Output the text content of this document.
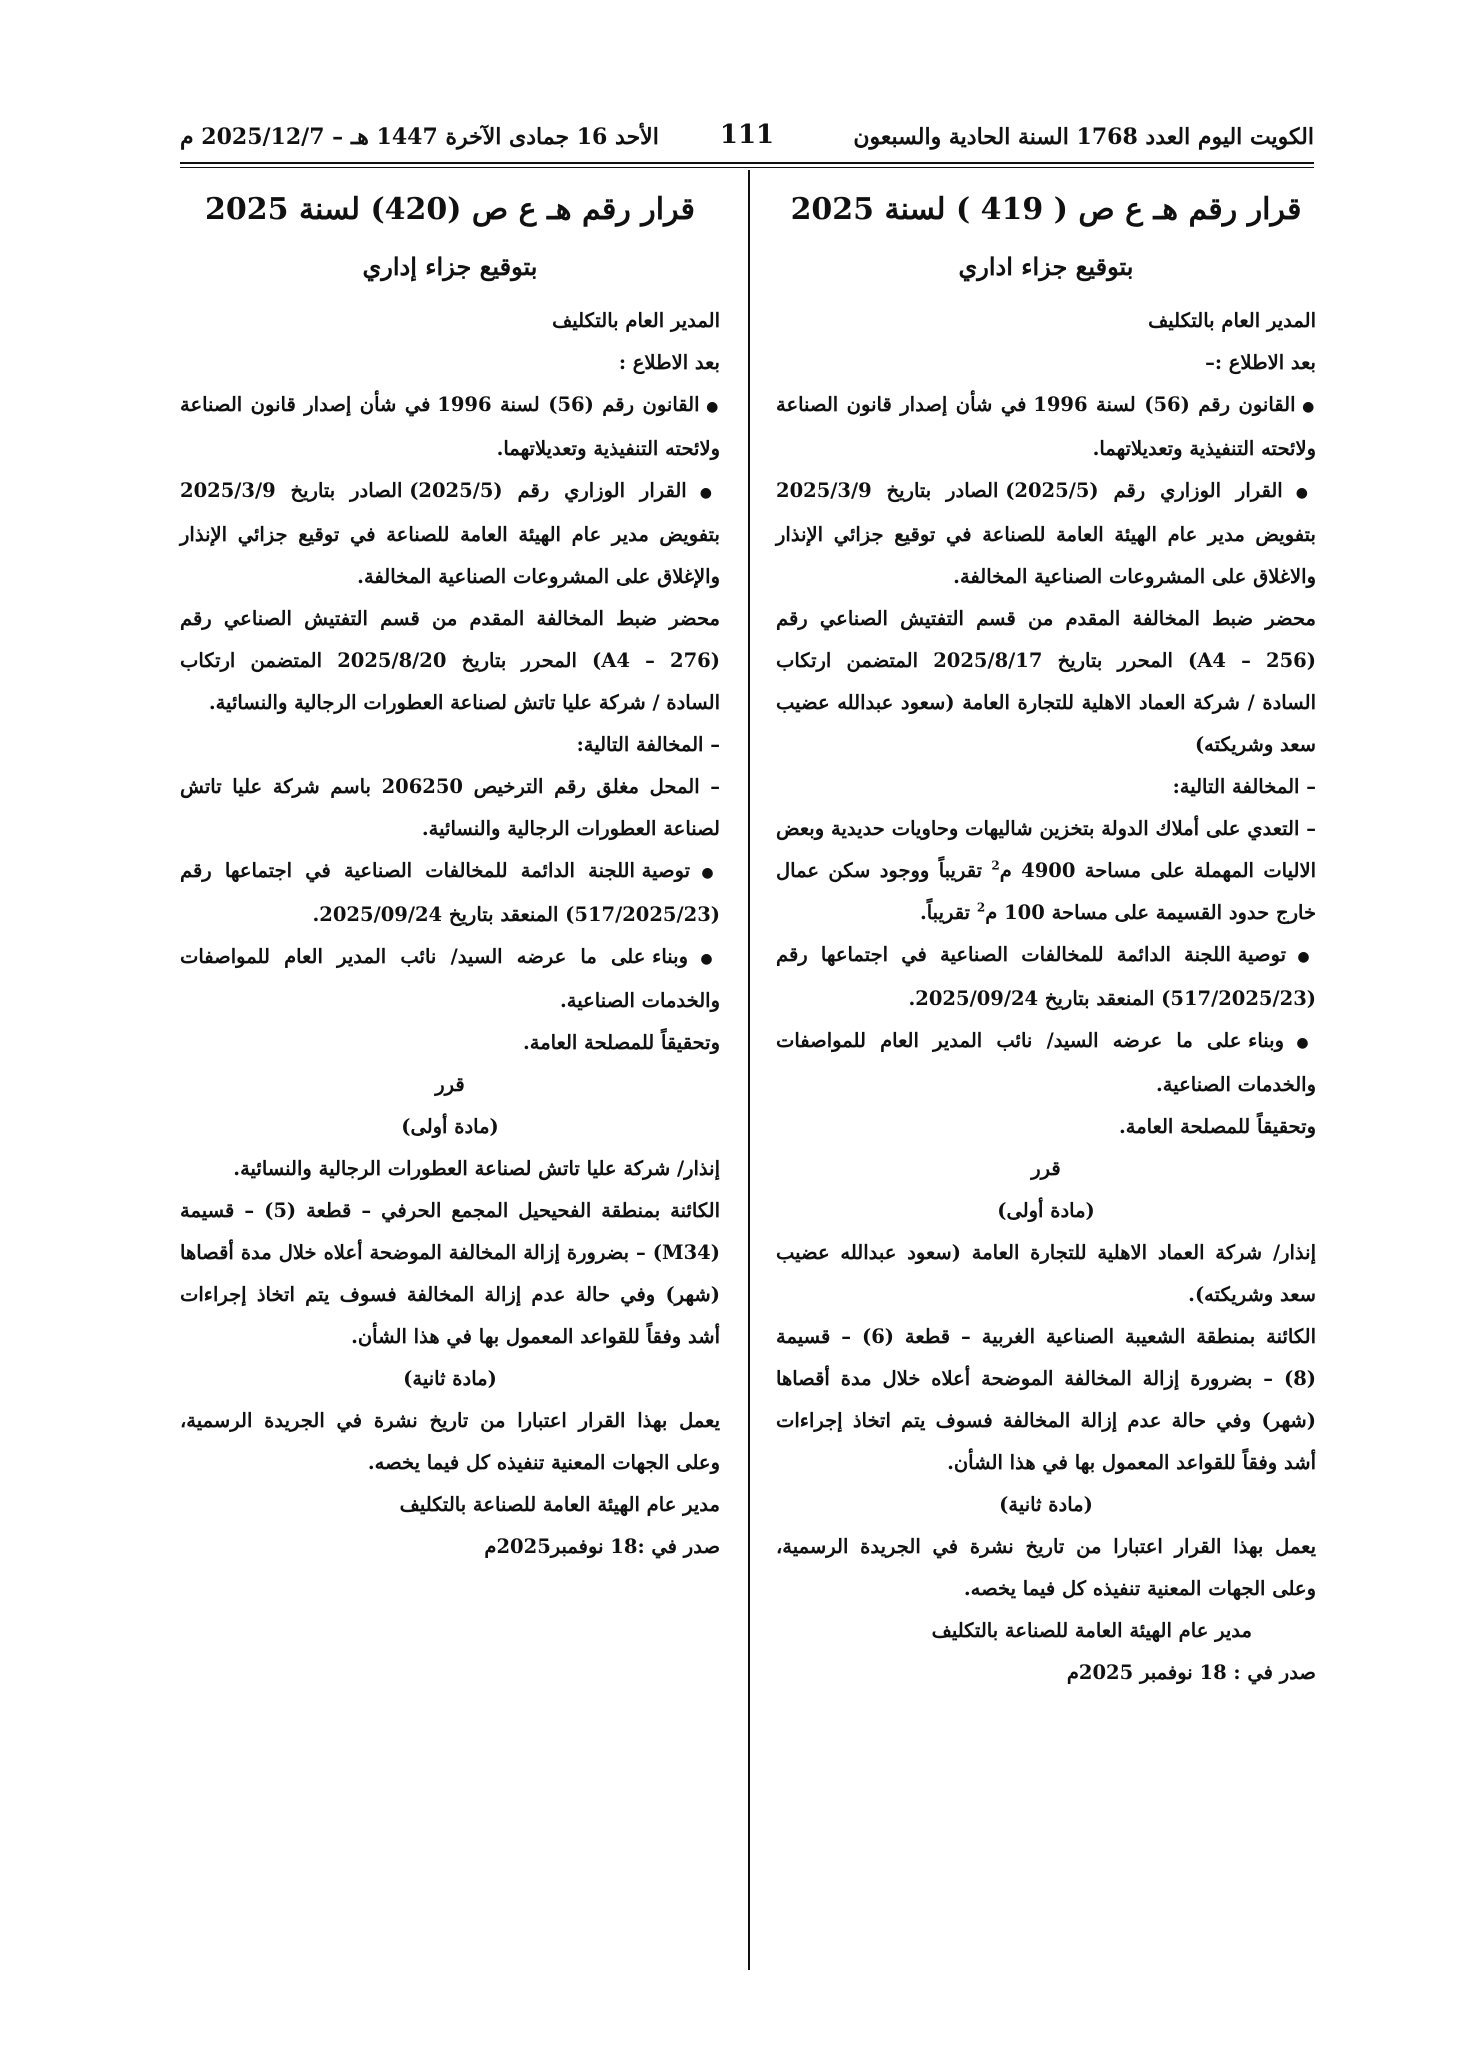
الكويت اليوم العدد 1768 السنة الحادية والسبعون
111
الأحد 16 جمادى الآخرة 1447 هـ – 2025/12/7 م

قرار رقم هـ ع ص ( 419 ) لسنة 2025

بتوقيع جزاء اداري

المدير العام بالتكليف

بعد الاطلاع :–

● القانون رقم (56) لسنة 1996 في شأن إصدار قانون الصناعة ولائحته التنفيذية وتعديلاتهما.

● القرار الوزاري رقم (2025/5) الصادر بتاريخ 2025/3/9 بتفويض مدير عام الهيئة العامة للصناعة في توقيع جزائي الإنذار والاغلاق على المشروعات الصناعية المخالفة.

محضر ضبط المخالفة المقدم من قسم التفتيش الصناعي رقم (A4 – 256) المحرر بتاريخ 2025/8/17 المتضمن ارتكاب السادة / شركة العماد الاهلية للتجارة العامة (سعود عبدالله عضيب سعد وشريكته)

– المخالفة التالية:

– التعدي على أملاك الدولة بتخزين شاليهات وحاويات حديدية وبعض الاليات المهملة على مساحة 4900 م$^2$ تقريباً ووجود سكن عمال خارج حدود القسيمة على مساحة 100 م$^2$ تقريباً.

● توصية اللجنة الدائمة للمخالفات الصناعية في اجتماعها رقم (517/2025/23) المنعقد بتاريخ 2025/09/24.

● وبناء على ما عرضه السيد/ نائب المدير العام للمواصفات والخدمات الصناعية.

وتحقيقاً للمصلحة العامة.

قرر

(مادة أولى)

إنذار/ شركة العماد الاهلية للتجارة العامة (سعود عبدالله عضيب سعد وشريكته).

الكائنة بمنطقة الشعيبة الصناعية الغربية – قطعة (6) – قسيمة (8) – بضرورة إزالة المخالفة الموضحة أعلاه خلال مدة أقصاها (شهر) وفي حالة عدم إزالة المخالفة فسوف يتم اتخاذ إجراءات أشد وفقاً للقواعد المعمول بها في هذا الشأن.

(مادة ثانية)

يعمل بهذا القرار اعتبارا من تاريخ نشرة في الجريدة الرسمية، وعلى الجهات المعنية تنفيذه كل فيما يخصه.

مدير عام الهيئة العامة للصناعة بالتكليف

صدر في : 18 نوفمبر 2025م

قرار رقم هـ ع ص (420) لسنة 2025

بتوقيع جزاء إداري

المدير العام بالتكليف

بعد الاطلاع :

● القانون رقم (56) لسنة 1996 في شأن إصدار قانون الصناعة ولائحته التنفيذية وتعديلاتهما.

● القرار الوزاري رقم (2025/5) الصادر بتاريخ 2025/3/9 بتفويض مدير عام الهيئة العامة للصناعة في توقيع جزائي الإنذار والإغلاق على المشروعات الصناعية المخالفة.

محضر ضبط المخالفة المقدم من قسم التفتيش الصناعي رقم (A4 – 276) المحرر بتاريخ 2025/8/20 المتضمن ارتكاب السادة / شركة عليا تاتش لصناعة العطورات الرجالية والنسائية.

– المخالفة التالية:

– المحل مغلق رقم الترخيص 206250 باسم شركة عليا تاتش لصناعة العطورات الرجالية والنسائية.

● توصية اللجنة الدائمة للمخالفات الصناعية في اجتماعها رقم (517/2025/23) المنعقد بتاريخ 2025/09/24.

● وبناء على ما عرضه السيد/ نائب المدير العام للمواصفات والخدمات الصناعية.

وتحقيقاً للمصلحة العامة.

قرر

(مادة أولى)

إنذار/ شركة عليا تاتش لصناعة العطورات الرجالية والنسائية.

الكائنة بمنطقة الفحيحيل المجمع الحرفي – قطعة (5) – قسيمة (M34) – بضرورة إزالة المخالفة الموضحة أعلاه خلال مدة أقصاها (شهر) وفي حالة عدم إزالة المخالفة فسوف يتم اتخاذ إجراءات أشد وفقاً للقواعد المعمول بها في هذا الشأن.

(مادة ثانية)

يعمل بهذا القرار اعتبارا من تاريخ نشرة في الجريدة الرسمية، وعلى الجهات المعنية تنفيذه كل فيما يخصه.

مدير عام الهيئة العامة للصناعة بالتكليف

صدر في :18 نوفمبر2025م
